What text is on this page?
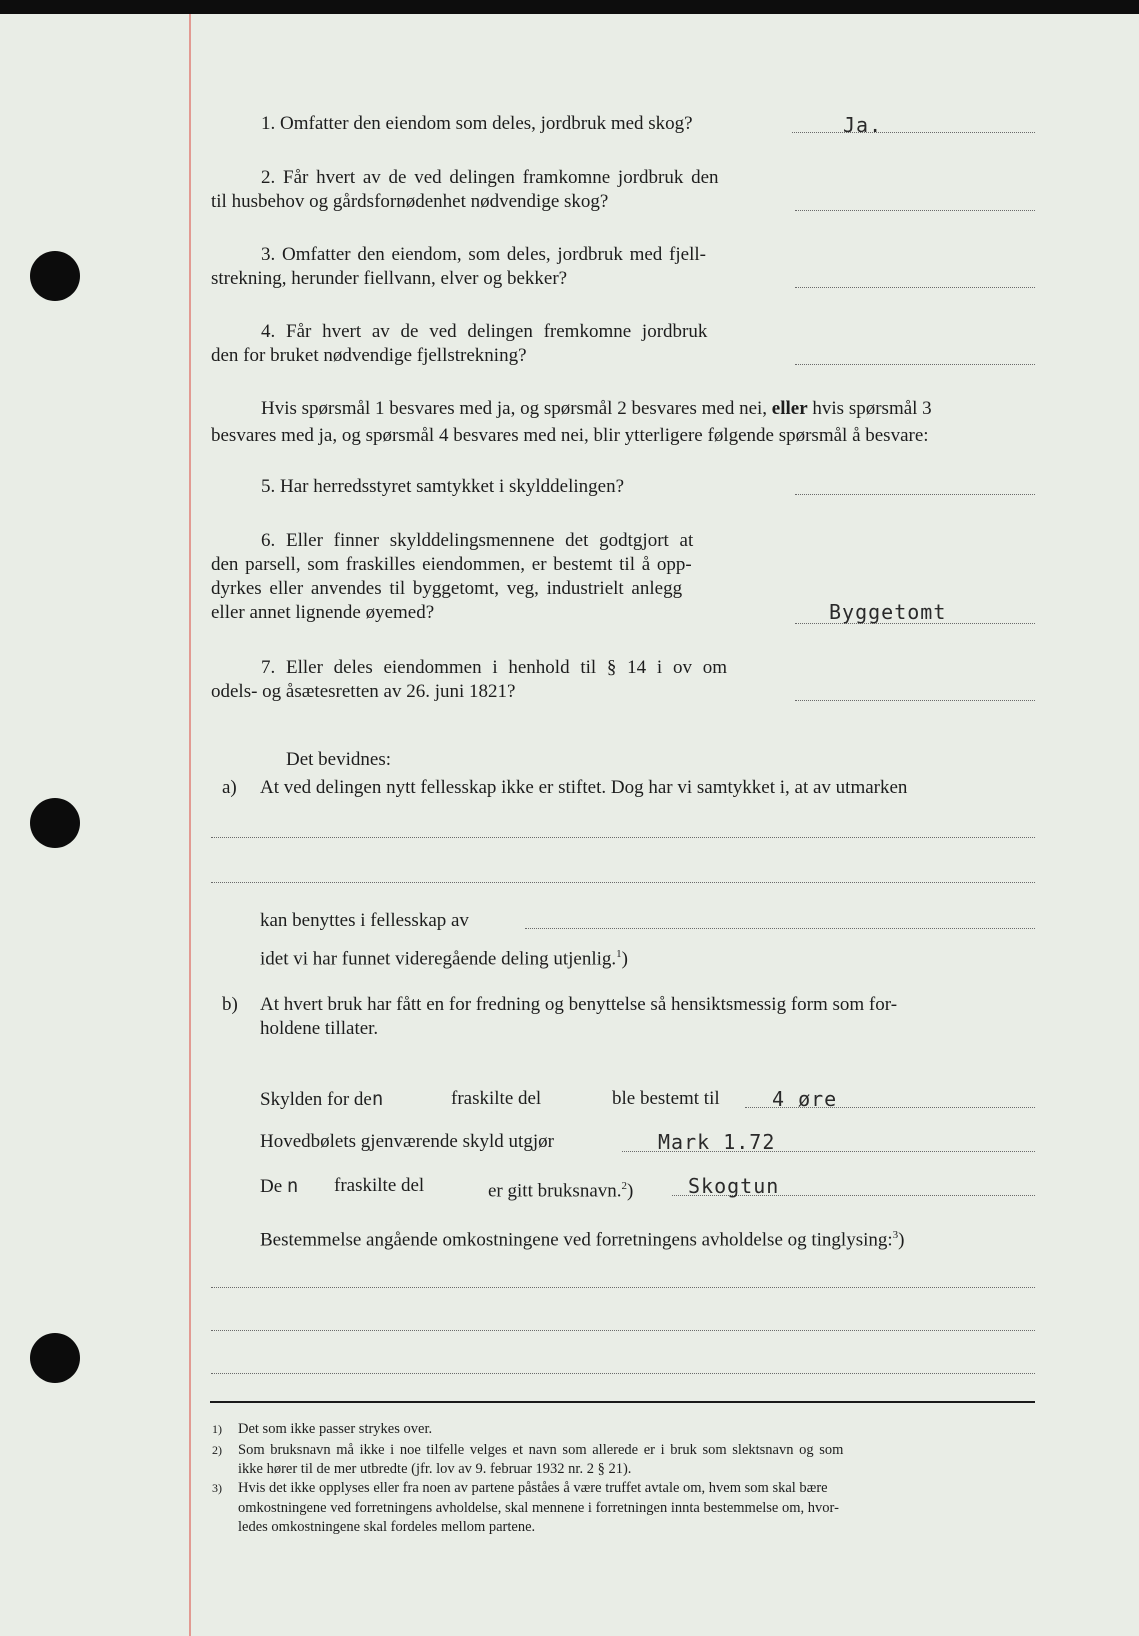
1. Omfatter den eiendom som deles, jordbruk med skog?	Ja.
2. Får hvert av de ved delingen framkomne jordbruk den
til husbehov og gårdsfornødenhet nødvendige skog?
3. Omfatter den eiendom, som deles, jordbruk med fjell-
strekning, herunder fiellvann, elver og bekker?
4. Får hvert av de ved delingen fremkomne jordbruk
den for bruket nødvendige fjellstrekning?
Hvis spørsmål 1 besvares med ja, og spørsmål 2 besvares med nei, eller hvis spørsmål 3
besvares med ja, og spørsmål 4 besvares med nei, blir ytterligere følgende spørsmål å besvare:
5. Har herredsstyret samtykket i skylddelingen?
6. Eller finner skylddelingsmennene det godtgjort at
den parsell, som fraskilles eiendommen, er bestemt til å opp-
dyrkes eller anvendes til byggetomt, veg, industrielt anlegg
eller annet lignende øyemed?	Byggetomt
7. Eller deles eiendommen i henhold til § 14 i ov om
odels- og åsætesretten av 26. juni 1821?
Det bevidnes:
a) At ved delingen nytt fellesskap ikke er stiftet. Dog har vi samtykket i, at av utmarken
kan benyttes i fellesskap av
idet vi har funnet videregående deling utjenlig.$^1$)
b) At hvert bruk har fått en for fredning og benyttelse så hensiktsmessig form som for-
holdene tillater.
Skylden for den	fraskilte del	ble bestemt til	4 øre
Hovedbølets gjenværende skyld utgjør	Mark 1.72
De n fraskilte del	er gitt bruksnavn.$^2$)	Skogtun
Bestemmelse angående omkostningene ved forretningens avholdelse og tinglysing:$^3$)
1) Det som ikke passer strykes over.
2) Som bruksnavn må ikke i noe tilfelle velges et navn som allerede er i bruk som slektsnavn og som
ikke hører til de mer utbredte (jfr. lov av 9. februar 1932 nr. 2 § 21).
3) Hvis det ikke opplyses eller fra noen av partene påståes å være truffet avtale om, hvem som skal bære
omkostningene ved forretningens avholdelse, skal mennene i forretningen innta bestemmelse om, hvor-
ledes omkostningene skal fordeles mellom partene.
